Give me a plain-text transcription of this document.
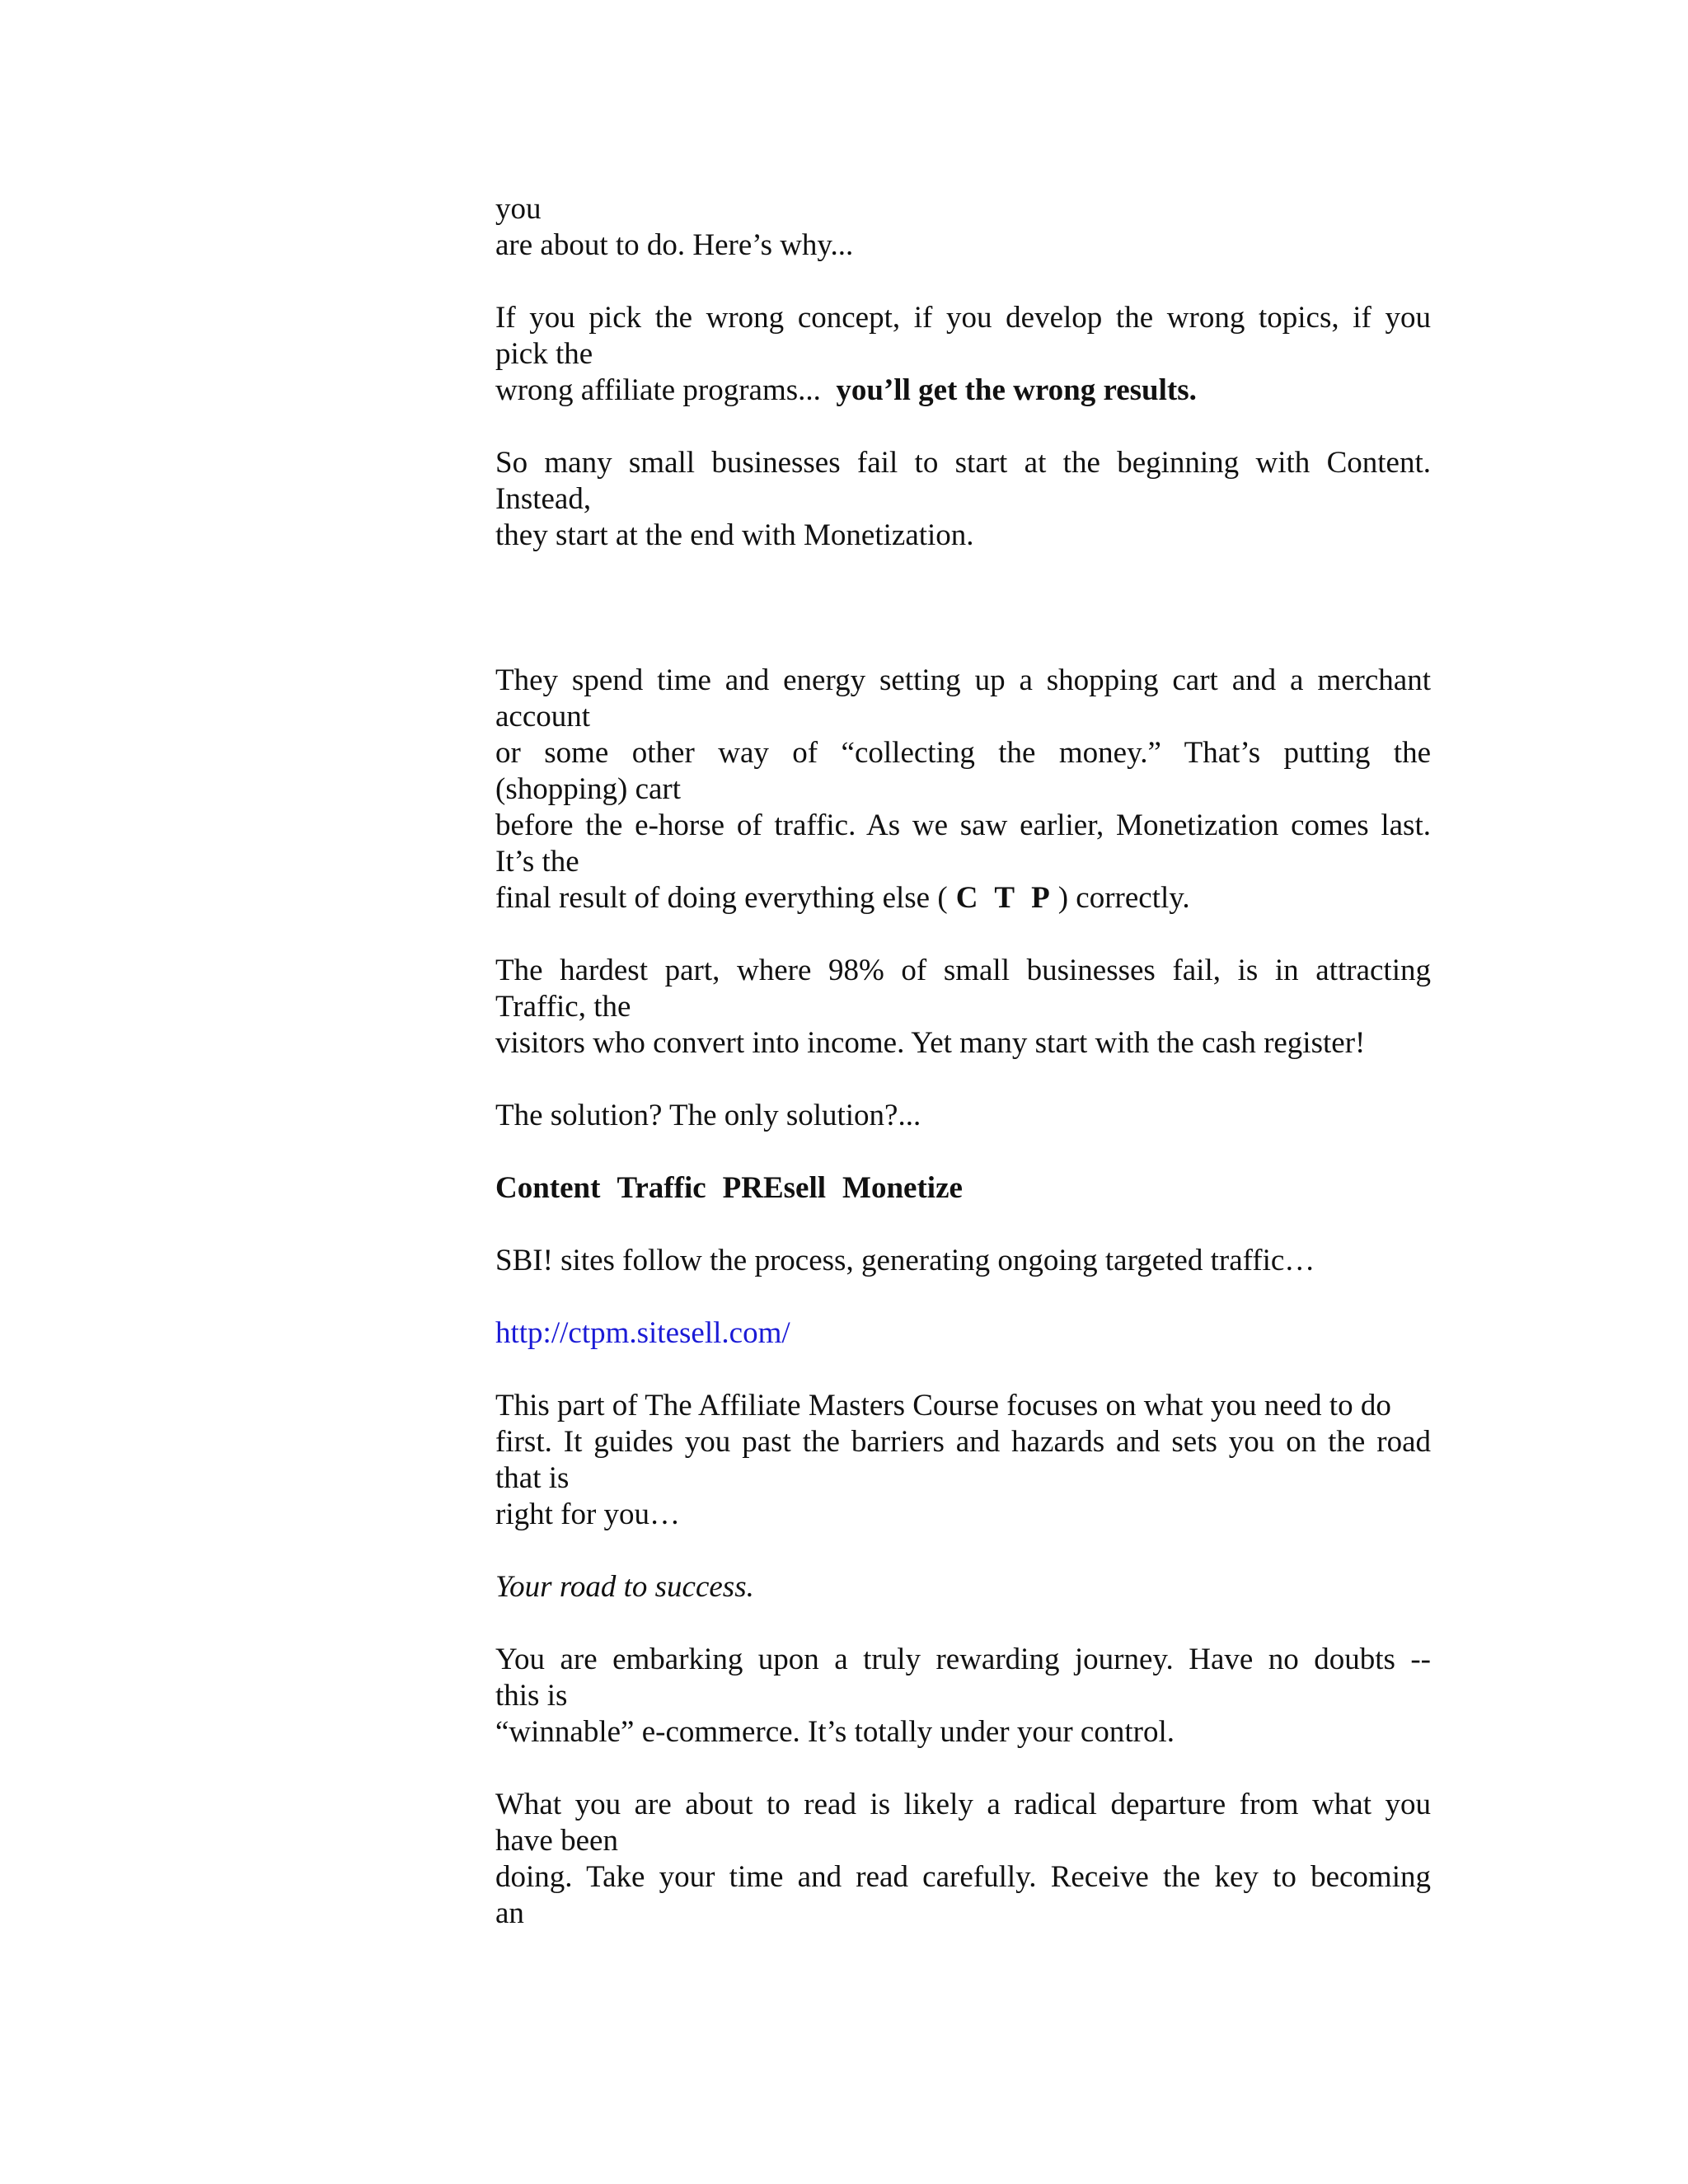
you
are about to do. Here’s why...
If you pick the wrong concept, if you develop the wrong topics, if you
pick the
wrong affiliate programs... you’ll get the wrong results.
So many small businesses fail to start at the beginning with Content.
Instead,
they start at the end with Monetization.
They spend time and energy setting up a shopping cart and a merchant
account
or some other way of “collecting the money.” That’s putting the
(shopping) cart
before the e-horse of traffic. As we saw earlier, Monetization comes last.
It’s the
final result of doing everything else ( C T P ) correctly.
The hardest part, where 98% of small businesses fail, is in attracting
Traffic, the
visitors who convert into income. Yet many start with the cash register!
The solution? The only solution?...
Content Traffic PREsell Monetize
SBI! sites follow the process, generating ongoing targeted traffic…
http://ctpm.sitesell.com/
This part of The Affiliate Masters Course focuses on what you need to do
first. It guides you past the barriers and hazards and sets you on the road
that is
right for you…
Your road to success.
You are embarking upon a truly rewarding journey. Have no doubts --
this is
“winnable” e-commerce. It’s totally under your control.
What you are about to read is likely a radical departure from what you
have been
doing. Take your time and read carefully. Receive the key to becoming
an
